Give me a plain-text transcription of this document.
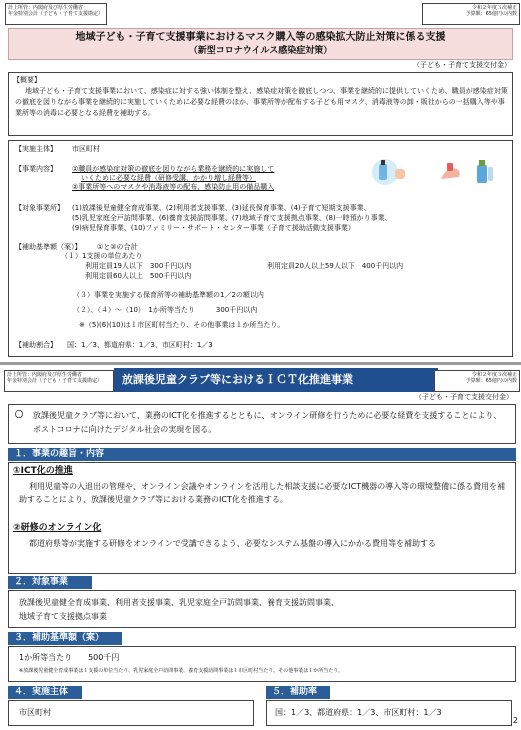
計上所管：内閣府及び厚生労働省
年金特別会計（子ども・子育て支援勘定）
令和２年度３次補正
予算額：65億円の内数
地域子ども・子育て支援事業におけるマスク購入等の感染拡大防止対策に係る支援
（新型コロナウイルス感染症対策）
（子ども・子育て支援交付金）
【概要】
地域子ども・子育て支援事業において、感染症に対する強い体制を整え、感染症対策を徹底しつつ、事業を継続的に提供していくため、職員が感染症対策の徹底を図りながら事業を継続的に実施していくために必要な経費のほか、事業所等が配布する子ども用マスク、消毒液等の卸・販社からの一括購入等や事業所等の消毒に必要となる経費を補助する。
【実施主体】 市区町村
【事業内容】 ①職員が感染症対策の徹底を図りながら業務を継続的に実施して
いくために必要な経費（研修受講、かかり増し経費等）
②事業所等へのマスクや消毒液等の配布、感染防止用の備品購入
【対象事業所】 (1)放課後児童健全育成事業、(2)利用者支援事業、(3)延長保育事業、(4)子育て短期支援事業、
(5)乳児家庭全戸訪問事業、(6)養育支援訪問事業、(7)地域子育て支援拠点事業、(8)一時預かり事業、
(9)病児保育事業、(10)ファミリー・サポート・センター事業（子育て援助活動支援事業）
【補助基準額（案）】 ①と②の合計
（１）1支援の単位あたり
利用定員19人以下　300千円以内	利用定員20人以上59人以下　400千円以内
利用定員60人以上　500千円以内
（３）事業を実施する保育所等の補助基準額の1／2の額以内
（２）、（４）～（10）　1か所等当たり　　　300千円以内
※（5)(6)(10)は１市区町村当たり、その他事業は１か所当たり。
【補助割合】 国：1／3、都道府県：1／3、市区町村：1／3
計上所管：内閣府及び厚生労働省
年金特別会計（子ども・子育て支援勘定）	放課後児童クラブ等におけるＩＣＴ化推進事業	令和２年度３次補正
予算額：65億円の内数
（子ども・子育て支援交付金）
〇 放課後児童クラブ等において、業務のICT化を推進するとともに、オンライン研修を行うために必要な経費を支援することにより、ポストコロナに向けたデジタル社会の実現を図る。
１．事業の趣旨・内容
①ICT化の推進
利用児童等の入退出の管理や、オンライン会議やオンラインを活用した相談支援に必要なICT機器の導入等の環境整備に係る費用を補助することにより、放課後児童クラブ等における業務のICT化を推進する。
②研修のオンライン化
都道府県等が実施する研修をオンラインで受講できるよう、必要なシステム基盤の導入にかかる費用等を補助する
２．対象事業
放課後児童健全育成事業、利用者支援事業、乳児家庭全戸訪問事業、養育支援訪問事業、
地域子育て支援拠点事業
３．補助基準額（案）
1か所等当たり　　500千円
※放課後児童健全育成事業は１支援の単位当たり、乳児家庭全戸訪問事業、養育支援訪問事業は１市区町村当たり、その他事業は１か所当たり。
４．実施主体
市区町村
５．補助率
国：1／3、都道府県：1／3、市区町村：1／3
2
